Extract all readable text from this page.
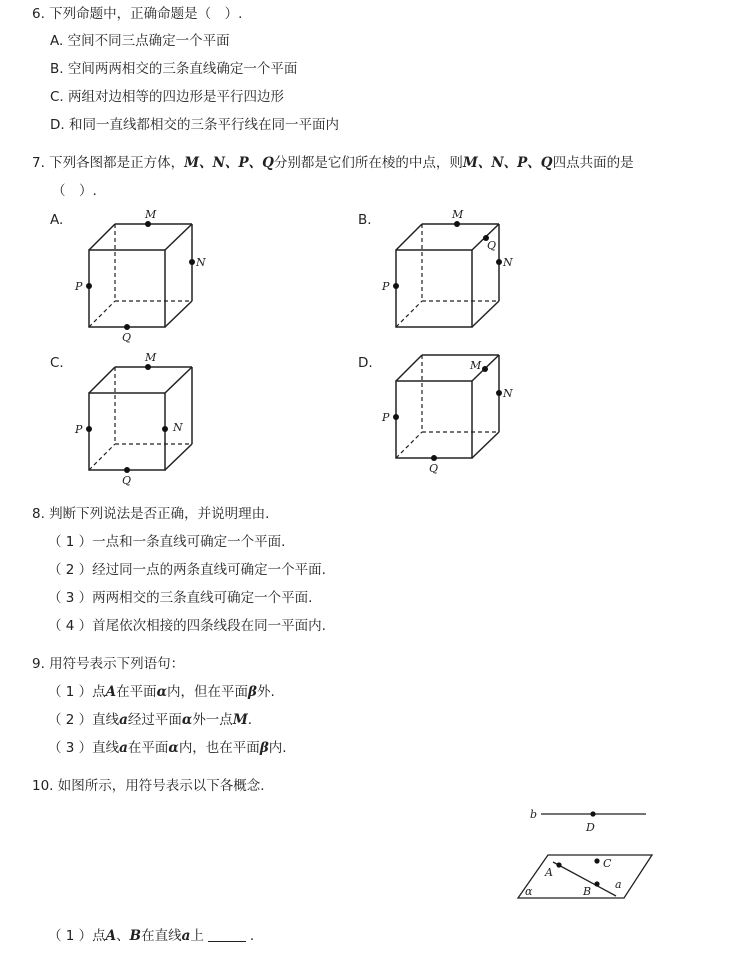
6. 下列命题中，正确命题是（　）.
A. 空间不同三点确定一个平面
B. 空间两两相交的三条直线确定一个平面
C. 两组对边相等的四边形是平行四边形
D. 和同一直线都相交的三条平行线在同一平面内
7. 下列各图都是正方体，M、N、P、Q分别都是它们所在棱的中点，则M、N、P、Q四点共面的是
（　）.
A.	B.
C.	D.
M
N
P
Q
M
Q
N
P
M
N
P
Q
M
N
P
Q
8. 判断下列说法是否正确，并说明理由.
（ 1 ）一点和一条直线可确定一个平面.
（ 2 ）经过同一点的两条直线可确定一个平面.
（ 3 ）两两相交的三条直线可确定一个平面.
（ 4 ）首尾依次相接的四条线段在同一平面内.
9. 用符号表示下列语句：
（ 1 ）点A在平面α内，但在平面β外.
（ 2 ）直线a经过平面α外一点M.
（ 3 ）直线a在平面α内，也在平面β内.
10. 如图所示，用符号表示以下各概念.
b
D
A
C
B
a
α
（ 1 ）点A、B在直线a上	.
